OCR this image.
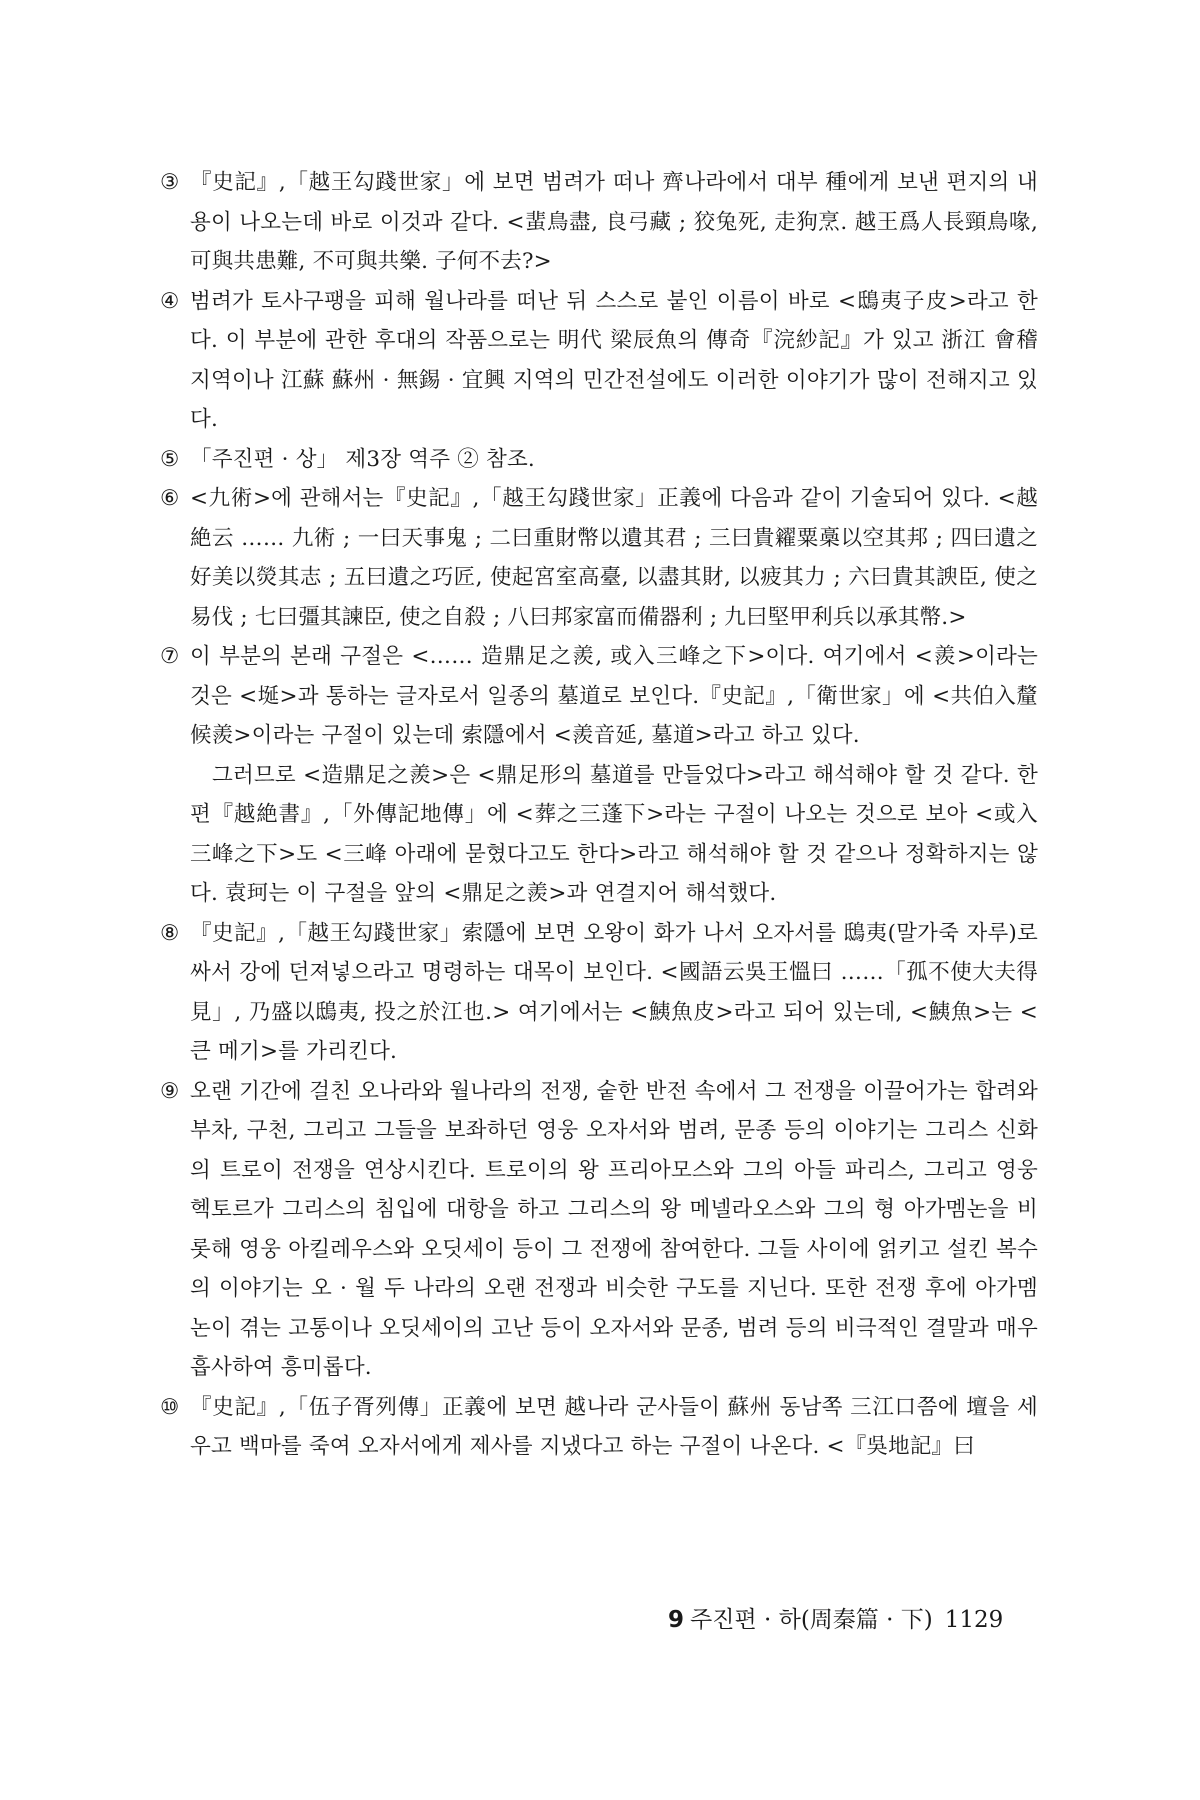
③ 『史記』,「越王勾踐世家」에 보면 범려가 떠나 齊나라에서 대부 種에게 보낸 편지의 내용이 나오는데 바로 이것과 같다. <蜚鳥盡, 良弓藏 ; 狡兔死, 走狗烹. 越王爲人長頸鳥喙, 可與共患難, 不可與共樂. 子何不去?>

④ 범려가 토사구팽을 피해 월나라를 떠난 뒤 스스로 붙인 이름이 바로 <鴟夷子皮>라고 한다. 이 부분에 관한 후대의 작품으로는 明代 梁辰魚의 傳奇『浣紗記』가 있고 浙江 會稽 지역이나 江蘇 蘇州 · 無錫 · 宜興 지역의 민간전설에도 이러한 이야기가 많이 전해지고 있다.

⑤ 「주진편 · 상」 제3장 역주 ② 참조.

⑥ <九術>에 관해서는『史記』,「越王勾踐世家」正義에 다음과 같이 기술되어 있다. <越絶云 …… 九術 ; 一曰天事鬼 ; 二曰重財幣以遺其君 ; 三曰貴糴粟槀以空其邦 ; 四曰遺之好美以熒其志 ; 五曰遺之巧匠, 使起宮室高臺, 以盡其財, 以疲其力 ; 六曰貴其諛臣, 使之易伐 ; 七曰彊其諫臣, 使之自殺 ; 八曰邦家富而備器利 ; 九曰堅甲利兵以承其幣.>

⑦ 이 부분의 본래 구절은 <…… 造鼎足之羨, 或入三峰之下>이다. 여기에서 <羨>이라는 것은 <埏>과 통하는 글자로서 일종의 墓道로 보인다.『史記』,「衛世家」에 <共伯入釐候羨>이라는 구절이 있는데 索隱에서 <羨音延, 墓道>라고 하고 있다.

그러므로 <造鼎足之羨>은 <鼎足形의 墓道를 만들었다>라고 해석해야 할 것 같다. 한편『越絶書』,「外傳記地傳」에 <葬之三蓬下>라는 구절이 나오는 것으로 보아 <或入三峰之下>도 <三峰 아래에 묻혔다고도 한다>라고 해석해야 할 것 같으나 정확하지는 않다. 袁珂는 이 구절을 앞의 <鼎足之羨>과 연결지어 해석했다.

⑧ 『史記』,「越王勾踐世家」索隱에 보면 오왕이 화가 나서 오자서를 鴟夷(말가죽 자루)로 싸서 강에 던져넣으라고 명령하는 대목이 보인다. <國語云吳王慍曰 ……「孤不使大夫得見」, 乃盛以鴟夷, 投之於江也.> 여기에서는 <鮧魚皮>라고 되어 있는데, <鮧魚>는 <큰 메기>를 가리킨다.

⑨ 오랜 기간에 걸친 오나라와 월나라의 전쟁, 숱한 반전 속에서 그 전쟁을 이끌어가는 합려와 부차, 구천, 그리고 그들을 보좌하던 영웅 오자서와 범려, 문종 등의 이야기는 그리스 신화의 트로이 전쟁을 연상시킨다. 트로이의 왕 프리아모스와 그의 아들 파리스, 그리고 영웅 헥토르가 그리스의 침입에 대항을 하고 그리스의 왕 메넬라오스와 그의 형 아가멤논을 비롯해 영웅 아킬레우스와 오딧세이 등이 그 전쟁에 참여한다. 그들 사이에 얽키고 설킨 복수의 이야기는 오 · 월 두 나라의 오랜 전쟁과 비슷한 구도를 지닌다. 또한 전쟁 후에 아가멤논이 겪는 고통이나 오딧세이의 고난 등이 오자서와 문종, 범려 등의 비극적인 결말과 매우 흡사하여 흥미롭다.

⑩ 『史記』,「伍子胥列傳」正義에 보면 越나라 군사들이 蘇州 동남쪽 三江口쯤에 壇을 세우고 백마를 죽여 오자서에게 제사를 지냈다고 하는 구절이 나온다. <『吳地記』曰

9 주진편 · 하(周秦篇 · 下) 1129
